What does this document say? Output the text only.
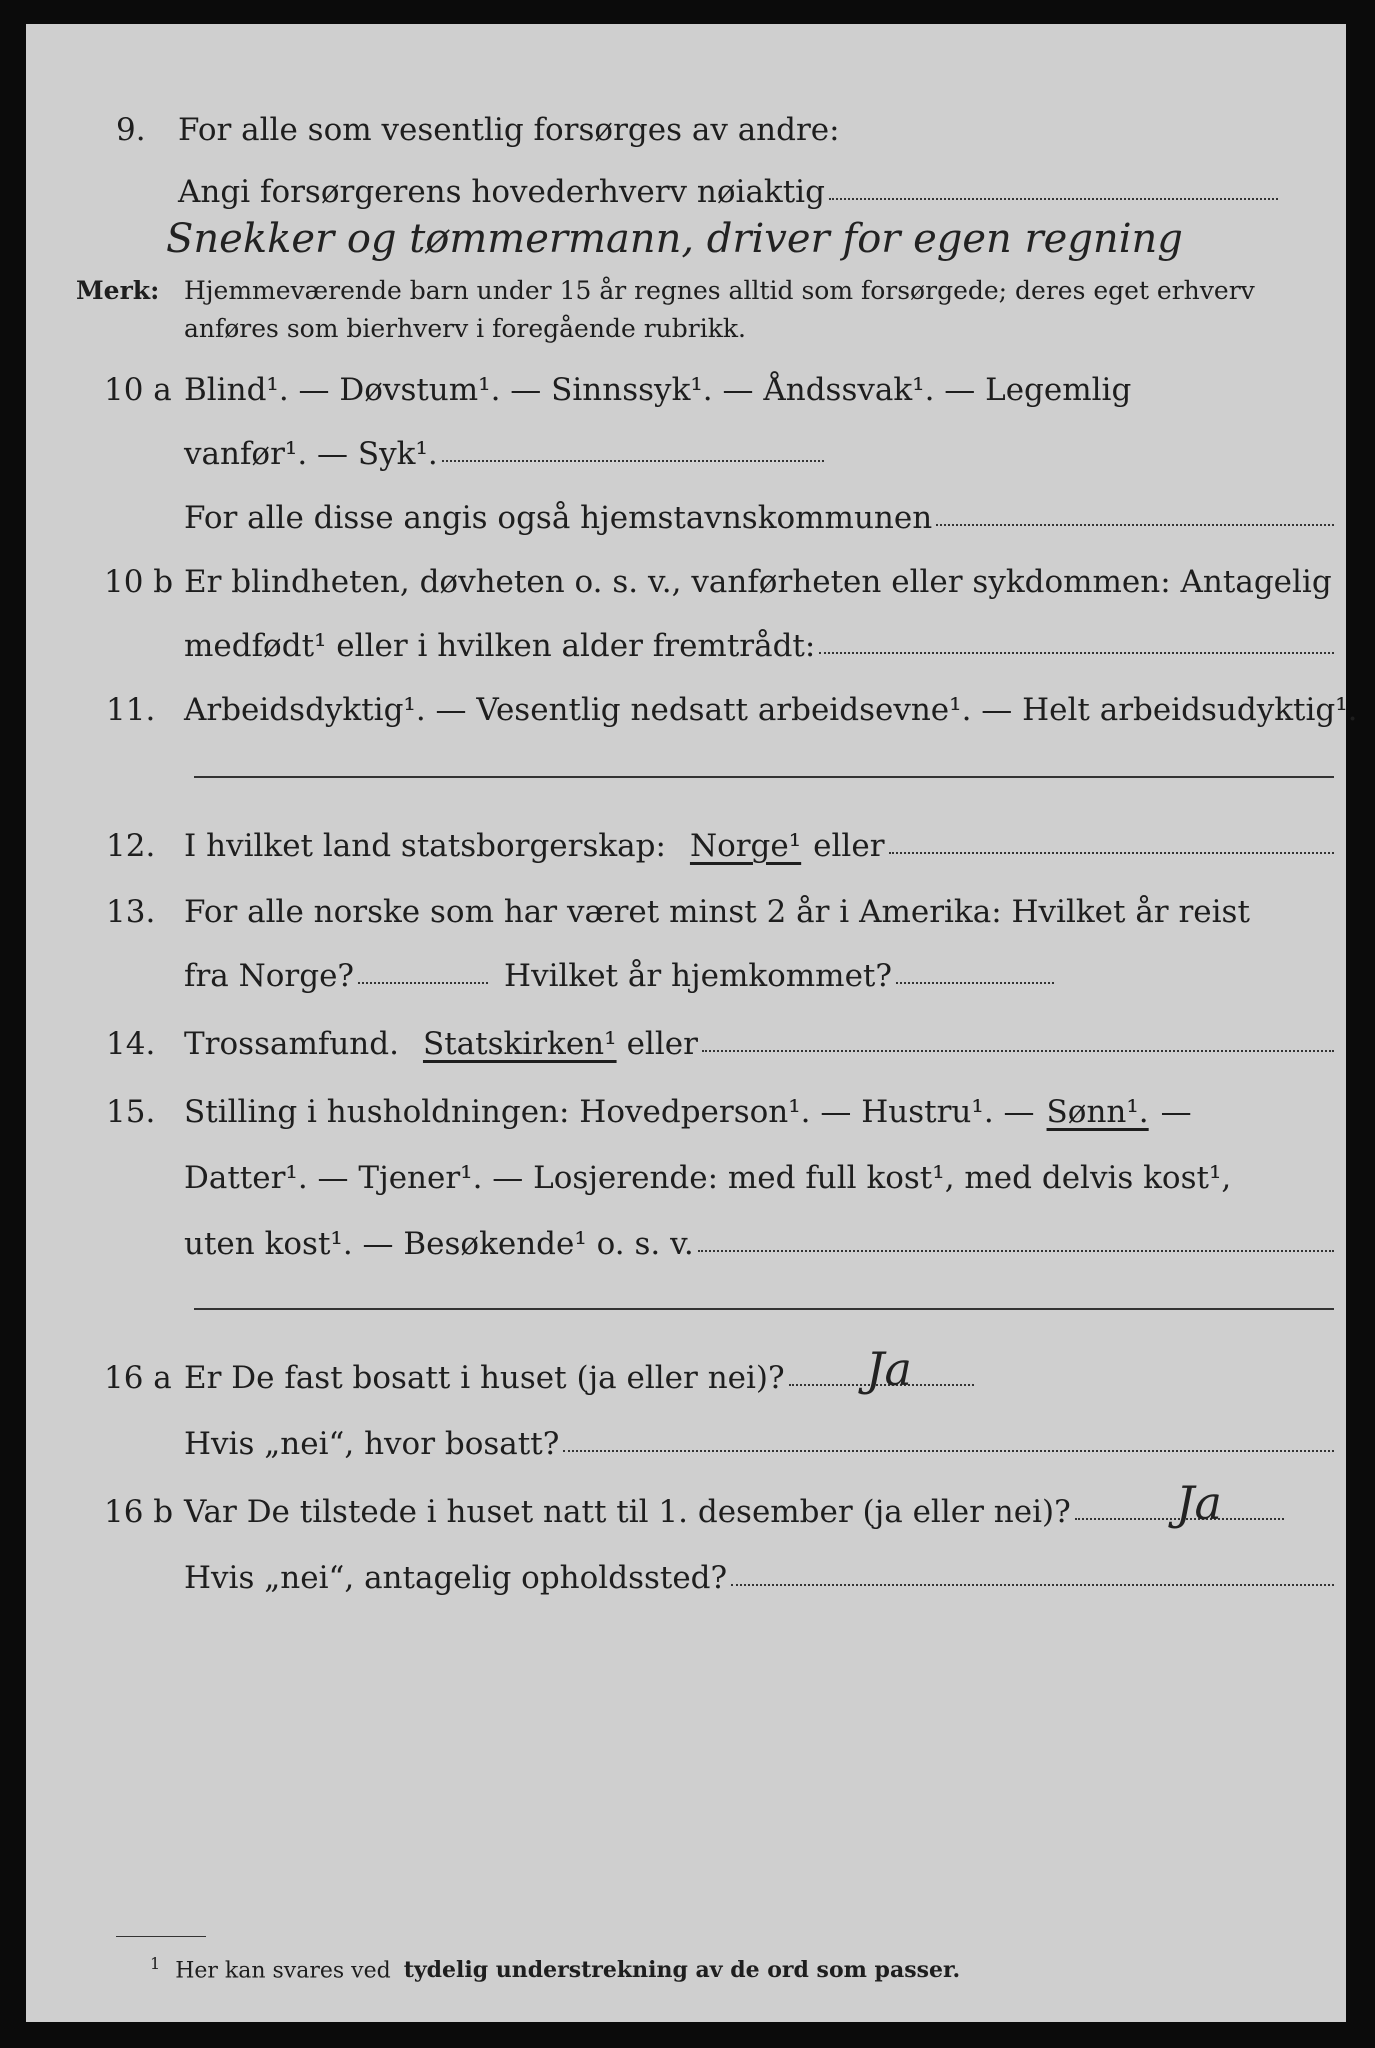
9. For alle som vesentlig forsørges av andre:
Angi forsørgerens hovederhverv nøiaktig
Snekker og tømmermann, driver for egen regning
Merk: Hjemmeværende barn under 15 år regnes alltid som forsørgede; deres eget erhverv
anføres som bierhverv i foregående rubrikk.
10 a Blind¹. — Døvstum¹. — Sinnssyk¹. — Åndssvak¹. — Legemlig
vanfør¹. — Syk¹.
For alle disse angis også hjemstavnskommunen
10 b Er blindheten, døvheten o. s. v., vanførheten eller sykdommen: Antagelig
medfødt¹ eller i hvilken alder fremtrådt:
11. Arbeidsdyktig¹. — Vesentlig nedsatt arbeidsevne¹. — Helt arbeidsudyktig¹.
12. I hvilket land statsborgerskap: Norge¹ eller
13. For alle norske som har været minst 2 år i Amerika: Hvilket år reist
fra Norge?	Hvilket år hjemkommet?
14. Trossamfund. Statskirken¹ eller
15. Stilling i husholdningen: Hovedperson¹. — Hustru¹. — Sønn¹. —
Datter¹. — Tjener¹. — Losjerende: med full kost¹, med delvis kost¹,
uten kost¹. — Besøkende¹ o. s. v.
16 a Er De fast bosatt i huset (ja eller nei)? Ja
Hvis „nei“, hvor bosatt?
16 b Var De tilstede i huset natt til 1. desember (ja eller nei)? Ja
Hvis „nei“, antagelig opholdssted?
$^1$ Her kan svares ved tydelig understrekning av de ord som passer.
